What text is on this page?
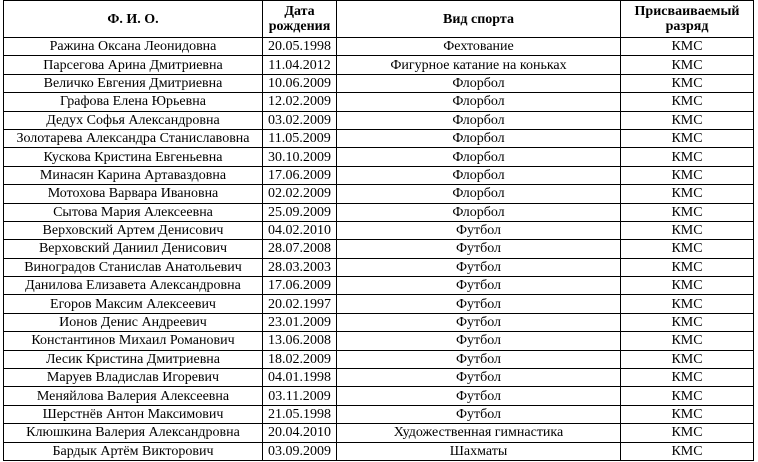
Ф. И. О.	Дата рождения	Вид спорта	Присваиваемый разряд
Ражина Оксана Леонидовна	20.05.1998	Фехтование	КМС
Парсегова Арина Дмитриевна	11.04.2012	Фигурное катание на коньках	КМС
Величко Евгения Дмитриевна	10.06.2009	Флорбол	КМС
Графова Елена Юрьевна	12.02.2009	Флорбол	КМС
Дедух Софья Александровна	03.02.2009	Флорбол	КМС
Золотарева Александра Станиславовна	11.05.2009	Флорбол	КМС
Кускова Кристина Евгеньевна	30.10.2009	Флорбол	КМС
Минасян Карина Артаваздовна	17.06.2009	Флорбол	КМС
Мотохова Варвара Ивановна	02.02.2009	Флорбол	КМС
Сытова Мария Алексеевна	25.09.2009	Флорбол	КМС
Верховский Артем Денисович	04.02.2010	Футбол	КМС
Верховский Даниил Денисович	28.07.2008	Футбол	КМС
Виноградов Станислав Анатольевич	28.03.2003	Футбол	КМС
Данилова Елизавета Александровна	17.06.2009	Футбол	КМС
Егоров Максим Алексеевич	20.02.1997	Футбол	КМС
Ионов Денис Андреевич	23.01.2009	Футбол	КМС
Константинов Михаил Романович	13.06.2008	Футбол	КМС
Лесик Кристина Дмитриевна	18.02.2009	Футбол	КМС
Маруев Владислав Игоревич	04.01.1998	Футбол	КМС
Меняйлова Валерия Алексеевна	03.11.2009	Футбол	КМС
Шерстнёв Антон Максимович	21.05.1998	Футбол	КМС
Клюшкина Валерия Александровна	20.04.2010	Художественная гимнастика	КМС
Бардык Артём Викторович	03.09.2009	Шахматы	КМС
